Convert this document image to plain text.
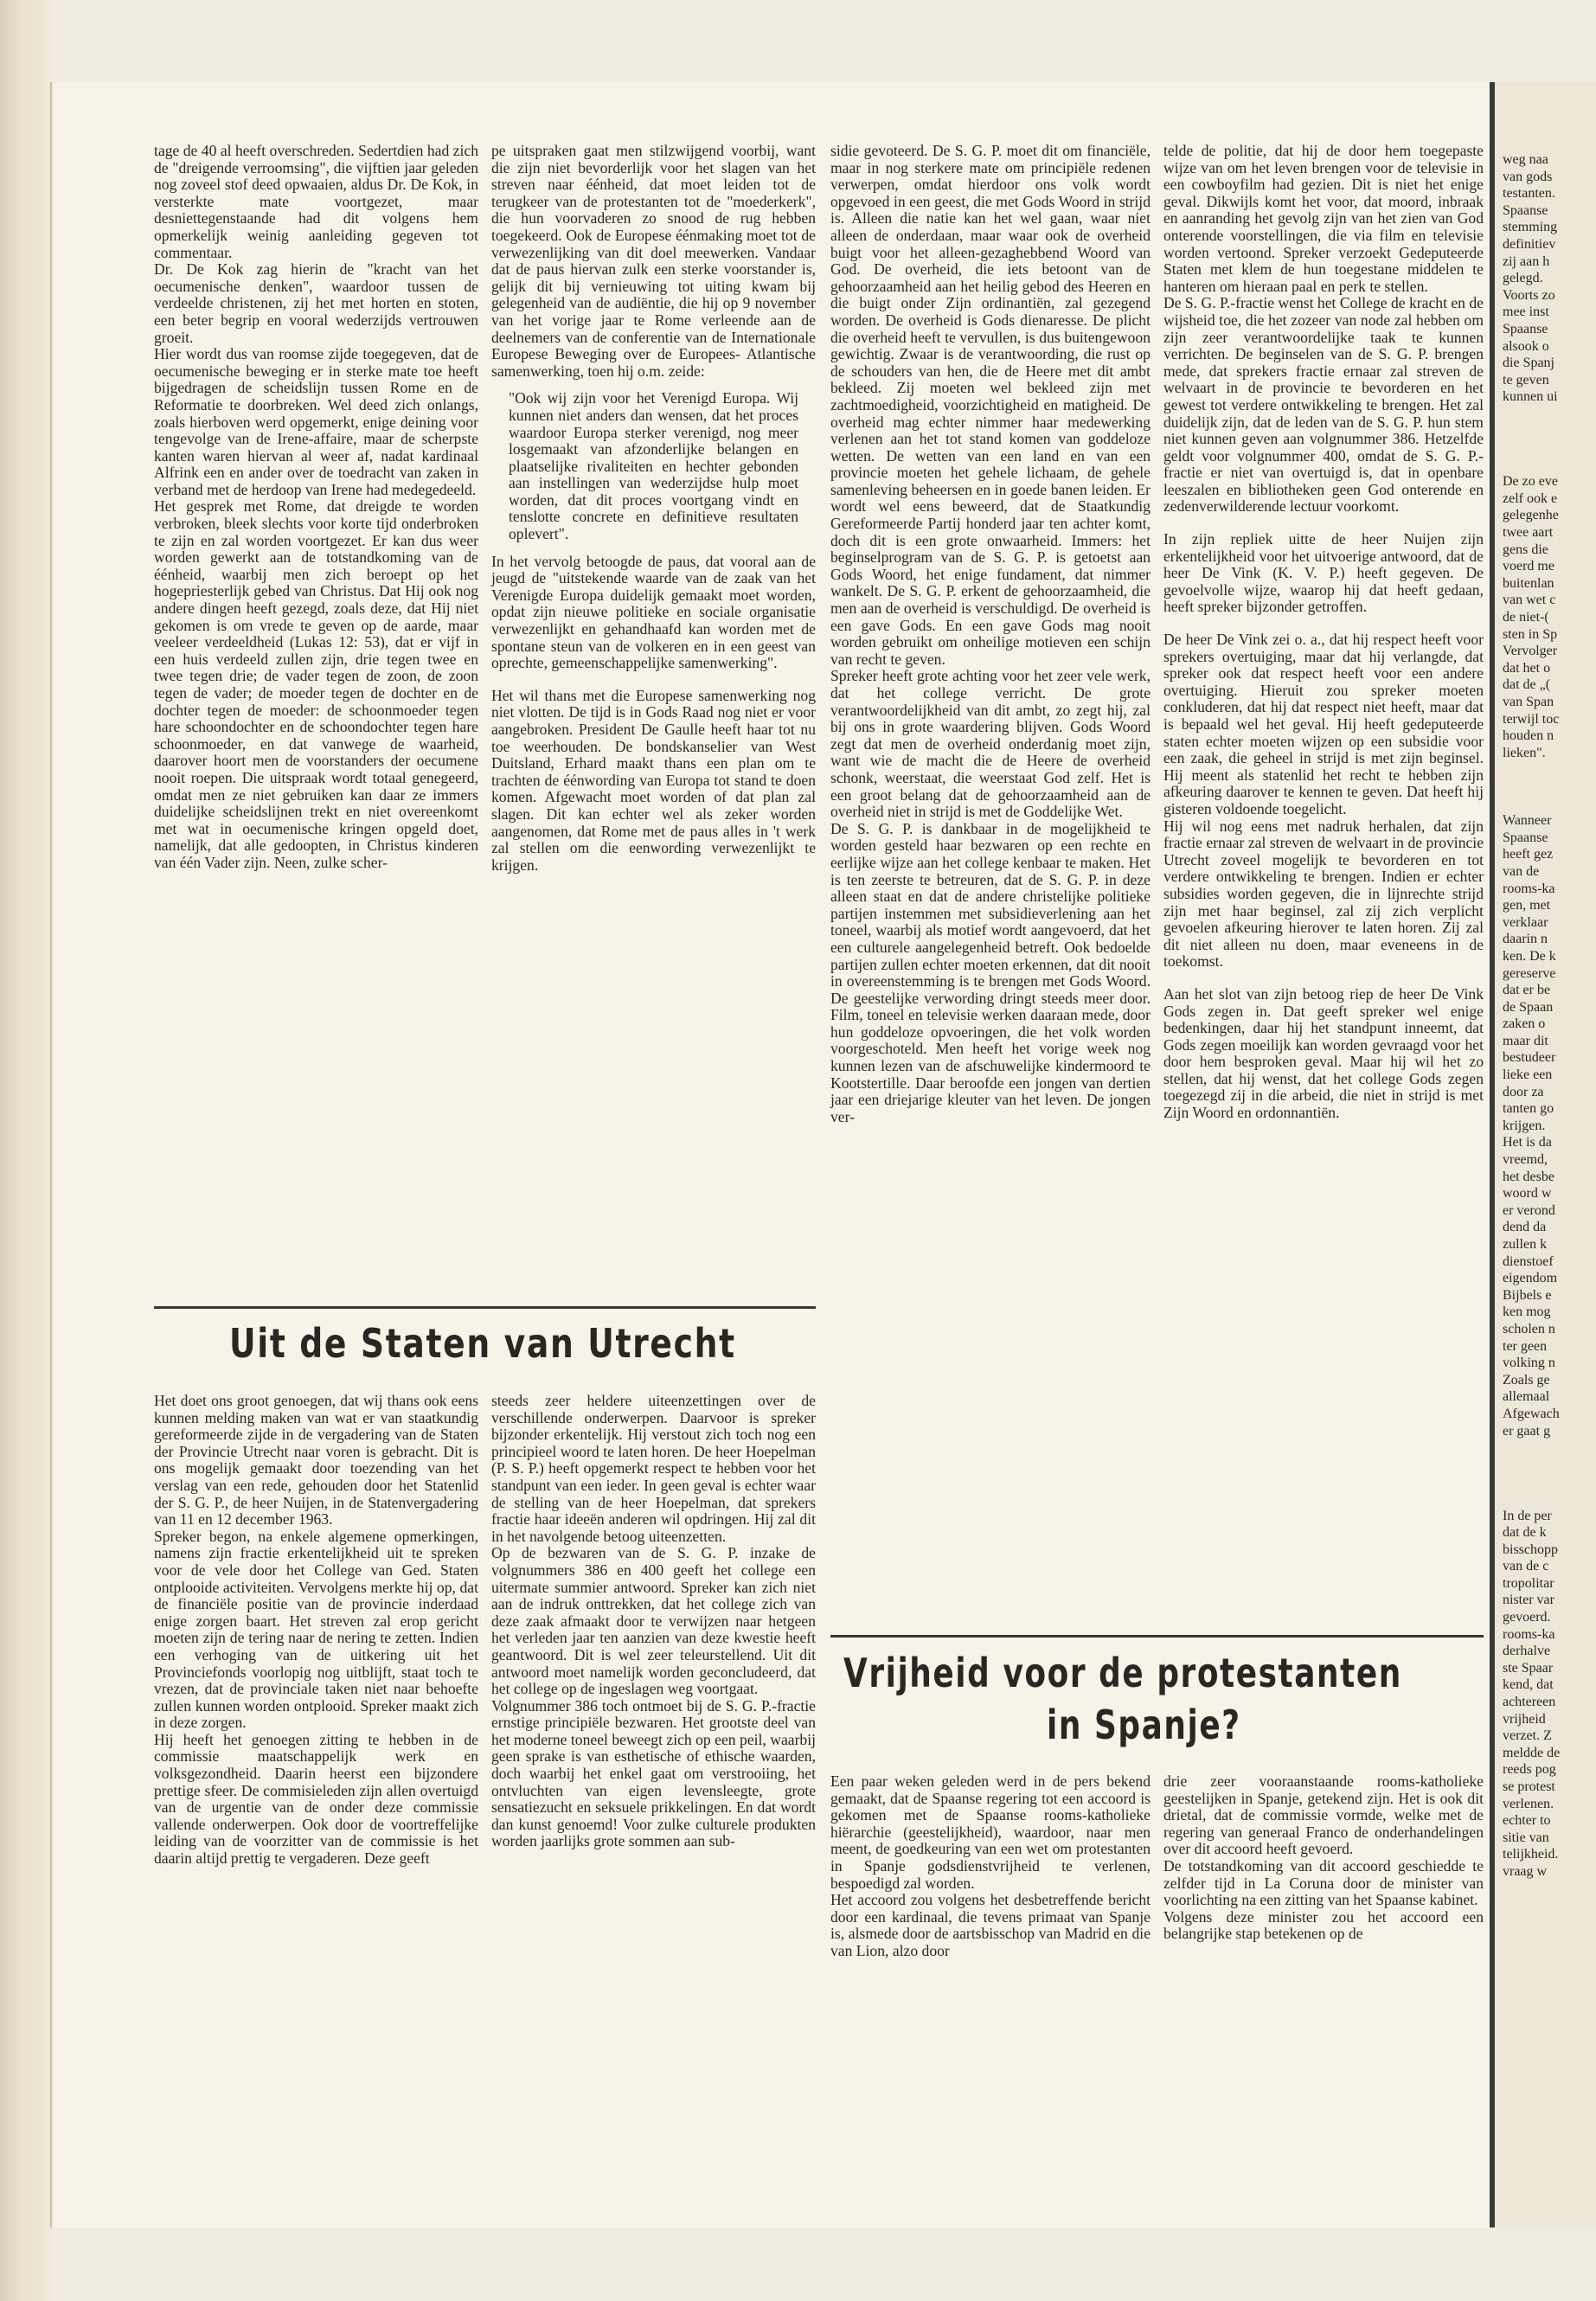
tage de 40 al heeft overschreden. Sedertdien had zich de "dreigende verroomsing", die vijftien jaar geleden nog zoveel stof deed opwaaien, aldus Dr. De Kok, in versterkte mate voortgezet, maar desniettegenstaande had dit volgens hem opmerkelijk weinig aanleiding gegeven tot commentaar.

Dr. De Kok zag hierin de "kracht van het oecumenische denken", waardoor tussen de verdeelde christenen, zij het met horten en stoten, een beter begrip en vooral wederzijds vertrouwen groeit.

Hier wordt dus van roomse zijde toegegeven, dat de oecumenische beweging er in sterke mate toe heeft bijgedragen de scheidslijn tussen Rome en de Reformatie te doorbreken. Wel deed zich onlangs, zoals hierboven werd opgemerkt, enige deining voor tengevolge van de Irene-affaire, maar de scherpste kanten waren hiervan al weer af, nadat kardinaal Alfrink een en ander over de toedracht van zaken in verband met de herdoop van Irene had medegedeeld.

Het gesprek met Rome, dat dreigde te worden verbroken, bleek slechts voor korte tijd onderbroken te zijn en zal worden voortgezet. Er kan dus weer worden gewerkt aan de totstandkoming van de éénheid, waarbij men zich beroept op het hogepriesterlijk gebed van Christus. Dat Hij ook nog andere dingen heeft gezegd, zoals deze, dat Hij niet gekomen is om vrede te geven op de aarde, maar veeleer verdeeldheid (Lukas 12: 53), dat er vijf in een huis verdeeld zullen zijn, drie tegen twee en twee tegen drie; de vader tegen de zoon, de zoon tegen de vader; de moeder tegen de dochter en de dochter tegen de moeder: de schoonmoeder tegen hare schoondochter en de schoondochter tegen hare schoonmoeder, en dat vanwege de waarheid, daarover hoort men de voorstanders der oecumene nooit roepen. Die uitspraak wordt totaal genegeerd, omdat men ze niet gebruiken kan daar ze immers duidelijke scheidslijnen trekt en niet overeenkomt met wat in oecumenische kringen opgeld doet, namelijk, dat alle gedoopten, in Christus kinderen van één Vader zijn. Neen, zulke scher-

pe uitspraken gaat men stilzwijgend voorbij, want die zijn niet bevorderlijk voor het slagen van het streven naar éénheid, dat moet leiden tot de terugkeer van de protestanten tot de "moederkerk", die hun voorvaderen zo snood de rug hebben toegekeerd. Ook de Europese éénmaking moet tot de verwezenlijking van dit doel meewerken. Vandaar dat de paus hiervan zulk een sterke voorstander is, gelijk dit bij vernieuwing tot uiting kwam bij gelegenheid van de audiëntie, die hij op 9 november van het vorige jaar te Rome verleende aan de deelnemers van de conferentie van de Internationale Europese Beweging over de Europees- Atlantische samenwerking, toen hij o.m. zeide:

"Ook wij zijn voor het Verenigd Europa. Wij kunnen niet anders dan wensen, dat het proces waardoor Europa sterker verenigd, nog meer losgemaakt van afzonderlijke belangen en plaatselijke rivaliteiten en hechter gebonden aan instellingen van wederzijdse hulp moet worden, dat dit proces voortgang vindt en tenslotte concrete en definitieve resultaten oplevert".

In het vervolg betoogde de paus, dat vooral aan de jeugd de "uitstekende waarde van de zaak van het Verenigde Europa duidelijk gemaakt moet worden, opdat zijn nieuwe politieke en sociale organisatie verwezenlijkt en gehandhaafd kan worden met de spontane steun van de volkeren en in een geest van oprechte, gemeenschappelijke samenwerking".

Het wil thans met die Europese samenwerking nog niet vlotten. De tijd is in Gods Raad nog niet er voor aangebroken. President De Gaulle heeft haar tot nu toe weerhouden. De bondskanselier van West Duitsland, Erhard maakt thans een plan om te trachten de éénwording van Europa tot stand te doen komen. Afgewacht moet worden of dat plan zal slagen. Dit kan echter wel als zeker worden aangenomen, dat Rome met de paus alles in 't werk zal stellen om die eenwording verwezenlijkt te krijgen.

Uit de Staten van Utrecht

Het doet ons groot genoegen, dat wij thans ook eens kunnen melding maken van wat er van staatkundig gereformeerde zijde in de vergadering van de Staten der Provincie Utrecht naar voren is gebracht. Dit is ons mogelijk gemaakt door toezending van het verslag van een rede, gehouden door het Statenlid der S. G. P., de heer Nuijen, in de Statenvergadering van 11 en 12 december 1963.

Spreker begon, na enkele algemene opmerkingen, namens zijn fractie erkentelijkheid uit te spreken voor de vele door het College van Ged. Staten ontplooide activiteiten. Vervolgens merkte hij op, dat de financiële positie van de provincie inderdaad enige zorgen baart. Het streven zal erop gericht moeten zijn de tering naar de nering te zetten. Indien een verhoging van de uitkering uit het Provinciefonds voorlopig nog uitblijft, staat toch te vrezen, dat de provinciale taken niet naar behoefte zullen kunnen worden ontplooid. Spreker maakt zich in deze zorgen.

Hij heeft het genoegen zitting te hebben in de commissie maatschappelijk werk en volksgezondheid. Daarin heerst een bijzondere prettige sfeer. De commisieleden zijn allen overtuigd van de urgentie van de onder deze commissie vallende onderwerpen. Ook door de voortreffelijke leiding van de voorzitter van de commissie is het daarin altijd prettig te vergaderen. Deze geeft

steeds zeer heldere uiteenzettingen over de verschillende onderwerpen. Daarvoor is spreker bijzonder erkentelijk. Hij verstout zich toch nog een principieel woord te laten horen. De heer Hoepelman (P. S. P.) heeft opgemerkt respect te hebben voor het standpunt van een ieder. In geen geval is echter waar de stelling van de heer Hoepelman, dat sprekers fractie haar ideeën anderen wil opdringen. Hij zal dit in het navolgende betoog uiteenzetten.

Op de bezwaren van de S. G. P. inzake de volgnummers 386 en 400 geeft het college een uitermate summier antwoord. Spreker kan zich niet aan de indruk onttrekken, dat het college zich van deze zaak afmaakt door te verwijzen naar hetgeen het verleden jaar ten aanzien van deze kwestie heeft geantwoord. Dit is wel zeer teleurstellend. Uit dit antwoord moet namelijk worden geconcludeerd, dat het college op de ingeslagen weg voortgaat.

Volgnummer 386 toch ontmoet bij de S. G. P.-fractie ernstige principiële bezwaren. Het grootste deel van het moderne toneel beweegt zich op een peil, waarbij geen sprake is van esthetische of ethische waarden, doch waarbij het enkel gaat om verstrooiing, het ontvluchten van eigen levensleegte, grote sensatiezucht en seksuele prikkelingen. En dat wordt dan kunst genoemd! Voor zulke culturele produkten worden jaarlijks grote sommen aan sub-

sidie gevoteerd. De S. G. P. moet dit om financiële, maar in nog sterkere mate om principiële redenen verwerpen, omdat hierdoor ons volk wordt opgevoed in een geest, die met Gods Woord in strijd is. Alleen die natie kan het wel gaan, waar niet alleen de onderdaan, maar waar ook de overheid buigt voor het alleen-gezaghebbend Woord van God. De overheid, die iets betoont van de gehoorzaamheid aan het heilig gebod des Heeren en die buigt onder Zijn ordinantiën, zal gezegend worden. De overheid is Gods dienaresse. De plicht die overheid heeft te vervullen, is dus buitengewoon gewichtig. Zwaar is de verantwoording, die rust op de schouders van hen, die de Heere met dit ambt bekleed. Zij moeten wel bekleed zijn met zachtmoedigheid, voorzichtigheid en matigheid. De overheid mag echter nimmer haar medewerking verlenen aan het tot stand komen van goddeloze wetten. De wetten van een land en van een provincie moeten het gehele lichaam, de gehele samenleving beheersen en in goede banen leiden. Er wordt wel eens beweerd, dat de Staatkundig Gereformeerde Partij honderd jaar ten achter komt, doch dit is een grote onwaarheid. Immers: het beginselprogram van de S. G. P. is getoetst aan Gods Woord, het enige fundament, dat nimmer wankelt. De S. G. P. erkent de gehoorzaamheid, die men aan de overheid is verschuldigd. De overheid is een gave Gods. En een gave Gods mag nooit worden gebruikt om onheilige motieven een schijn van recht te geven.

Spreker heeft grote achting voor het zeer vele werk, dat het college verricht. De grote verantwoordelijkheid van dit ambt, zo zegt hij, zal bij ons in grote waardering blijven. Gods Woord zegt dat men de overheid onderdanig moet zijn, want wie de macht die de Heere de overheid schonk, weerstaat, die weerstaat God zelf. Het is een groot belang dat de gehoorzaamheid aan de overheid niet in strijd is met de Goddelijke Wet.

De S. G. P. is dankbaar in de mogelijkheid te worden gesteld haar bezwaren op een rechte en eerlijke wijze aan het college kenbaar te maken. Het is ten zeerste te betreuren, dat de S. G. P. in deze alleen staat en dat de andere christelijke politieke partijen instemmen met subsidieverlening aan het toneel, waarbij als motief wordt aangevoerd, dat het een culturele aangelegenheid betreft. Ook bedoelde partijen zullen echter moeten erkennen, dat dit nooit in overeenstemming is te brengen met Gods Woord. De geestelijke verwording dringt steeds meer door. Film, toneel en televisie werken daaraan mede, door hun goddeloze opvoeringen, die het volk worden voorgeschoteld. Men heeft het vorige week nog kunnen lezen van de afschuwelijke kindermoord te Kootstertille. Daar beroofde een jongen van dertien jaar een driejarige kleuter van het leven. De jongen ver-

telde de politie, dat hij de door hem toegepaste wijze van om het leven brengen voor de televisie in een cowboyfilm had gezien. Dit is niet het enige geval. Dikwijls komt het voor, dat moord, inbraak en aanranding het gevolg zijn van het zien van God onterende voorstellingen, die via film en televisie worden vertoond. Spreker verzoekt Gedeputeerde Staten met klem de hun toegestane middelen te hanteren om hieraan paal en perk te stellen.

De S. G. P.-fractie wenst het College de kracht en de wijsheid toe, die het zozeer van node zal hebben om zijn zeer verantwoordelijke taak te kunnen verrichten. De beginselen van de S. G. P. brengen mede, dat sprekers fractie ernaar zal streven de welvaart in de provincie te bevorderen en het gewest tot verdere ontwikkeling te brengen. Het zal duidelijk zijn, dat de leden van de S. G. P. hun stem niet kunnen geven aan volgnummer 386. Hetzelfde geldt voor volgnummer 400, omdat de S. G. P.-fractie er niet van overtuigd is, dat in openbare leeszalen en bibliotheken geen God onterende en zedenverwilderende lectuur voorkomt.

In zijn repliek uitte de heer Nuijen zijn erkentelijkheid voor het uitvoerige antwoord, dat de heer De Vink (K. V. P.) heeft gegeven. De gevoelvolle wijze, waarop hij dat heeft gedaan, heeft spreker bijzonder getroffen.

De heer De Vink zei o. a., dat hij respect heeft voor sprekers overtuiging, maar dat hij verlangde, dat spreker ook dat respect heeft voor een andere overtuiging. Hieruit zou spreker moeten conkluderen, dat hij dat respect niet heeft, maar dat is bepaald wel het geval. Hij heeft gedeputeerde staten echter moeten wijzen op een subsidie voor een zaak, die geheel in strijd is met zijn beginsel. Hij meent als statenlid het recht te hebben zijn afkeuring daarover te kennen te geven. Dat heeft hij gisteren voldoende toegelicht.

Hij wil nog eens met nadruk herhalen, dat zijn fractie ernaar zal streven de welvaart in de provincie Utrecht zoveel mogelijk te bevorderen en tot verdere ontwikkeling te brengen. Indien er echter subsidies worden gegeven, die in lijnrechte strijd zijn met haar beginsel, zal zij zich verplicht gevoelen afkeuring hierover te laten horen. Zij zal dit niet alleen nu doen, maar eveneens in de toekomst.

Aan het slot van zijn betoog riep de heer De Vink Gods zegen in. Dat geeft spreker wel enige bedenkingen, daar hij het standpunt inneemt, dat Gods zegen moeilijk kan worden gevraagd voor het door hem besproken geval. Maar hij wil het zo stellen, dat hij wenst, dat het college Gods zegen toegezegd zij in die arbeid, die niet in strijd is met Zijn Woord en ordonnantiën.

Vrijheid voor de protestanten
in Spanje?

Een paar weken geleden werd in de pers bekend gemaakt, dat de Spaanse regering tot een accoord is gekomen met de Spaanse rooms-katholieke hiërarchie (geestelijkheid), waardoor, naar men meent, de goedkeuring van een wet om protestanten in Spanje godsdienstvrijheid te verlenen, bespoedigd zal worden.

Het accoord zou volgens het desbetreffende bericht door een kardinaal, die tevens primaat van Spanje is, alsmede door de aartsbisschop van Madrid en die van Lion, alzo door

drie zeer vooraanstaande rooms-katholieke geestelijken in Spanje, getekend zijn. Het is ook dit drietal, dat de commissie vormde, welke met de regering van generaal Franco de onderhandelingen over dit accoord heeft gevoerd.

De totstandkoming van dit accoord geschiedde te zelfder tijd in La Coruna door de minister van voorlichting na een zitting van het Spaanse kabinet.

Volgens deze minister zou het accoord een belangrijke stap betekenen op de

weg naa
van gods
testanten.
Spaanse
stemming
definitiev
zij aan h
gelegd.
Voorts zo
mee inst
Spaanse
alsook o
die Spanj
te geven
kunnen ui

De zo eve
zelf ook e
gelegenhe
twee aart
gens die
voerd me
buitenlan
van wet c
de niet-(
sten in Sp
Vervolger
dat het o
dat de „(
van Span
terwijl toc
houden n
lieken".

Wanneer
Spaanse
heeft gez
van de
rooms-ka
gen, met
verklaar
daarin n
ken. De k
gereserve
dat er be
de Spaan
zaken o
maar dit
bestudeer
lieke een
door za
tanten go
krijgen.
Het is da
vreemd,
het desbe
woord w
er verond
dend da
zullen k
dienstoef
eigendom
Bijbels e
ken mog
scholen n
ter geen
volking n
Zoals ge
allemaal
Afgewach
er gaat g

In de per
dat de k
bisschopp
van de c
tropolitar
nister var
gevoerd.
rooms-ka
derhalve
ste Spaar
kend, dat
achtereen
vrijheid
verzet. Z
meldde de
reeds pog
se protest
verlenen.
echter to
sitie van
telijkheid.
vraag w
